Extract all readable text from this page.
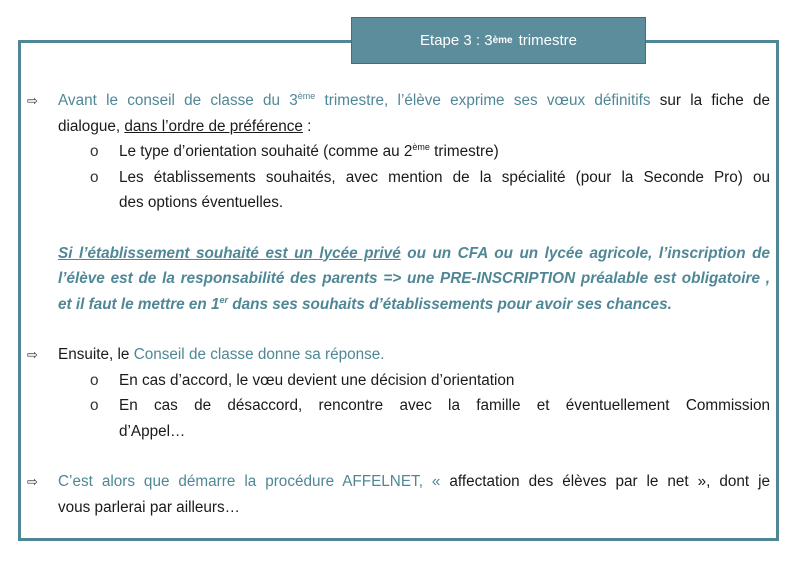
Etape 3 : 3 ème trimestre
⇨	Avant le conseil de classe du 3ème trimestre, l’élève exprime ses vœux définitifs sur la fiche de
dialogue, dans l’ordre de préférence :
o Le type d’orientation souhaité (comme au 2ème trimestre)
o Les établissements souhaités, avec mention de la spécialité (pour la Seconde Pro) ou
des options éventuelles.
Si l’établissement souhaité est un lycée privé ou un CFA ou un lycée agricole, l’inscription de
l’élève est de la responsabilité des parents => une PRE-INSCRIPTION préalable est obligatoire ,
et il faut le mettre en 1er dans ses souhaits d’établissements pour avoir ses chances.
⇨	Ensuite, le Conseil de classe donne sa réponse.
o En cas d’accord, le vœu devient une décision d’orientation
o En cas de désaccord, rencontre avec la famille et éventuellement Commission
d’Appel…
⇨	C’est alors que démarre la procédure AFFELNET, « affectation des élèves par le net », dont je
vous parlerai par ailleurs…
